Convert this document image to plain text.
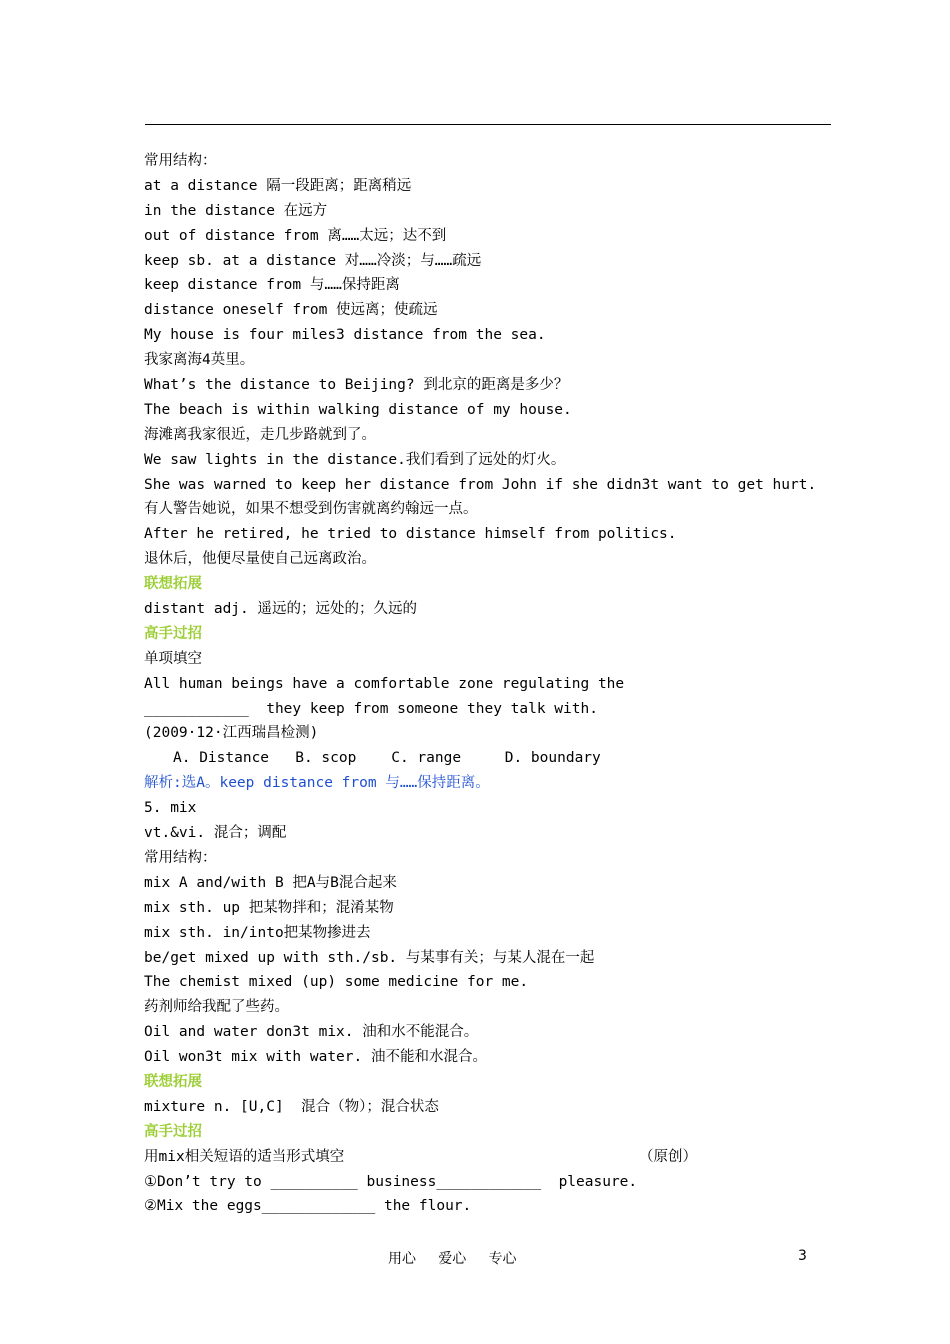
常用结构：
at a distance 隔一段距离；距离稍远
in the distance 在远方
out of distance from 离……太远；达不到
keep sb. at a distance 对……冷淡；与……疏远
keep distance from 与……保持距离
distance oneself from 使远离；使疏远
My house is four miles3 distance from the sea.
我家离海4英里。
What’s the distance to Beijing? 到北京的距离是多少？
The beach is within walking distance of my house.
海滩离我家很近，走几步路就到了。
We saw lights in the distance.我们看到了远处的灯火。
She was warned to keep her distance from John if she didn3t want to get hurt.
有人警告她说，如果不想受到伤害就离约翰远一点。
After he retired, he tried to distance himself from politics.
退休后，他便尽量使自己远离政治。
联想拓展
distant adj. 遥远的；远处的；久远的
高手过招
单项填空
All human beings have a comfortable zone regulating the
____________  they keep from someone they talk with.
(2009·12·江西瑞昌检测)
A. Distance   B. scop    C. range     D. boundary
解析:选A。keep distance from 与……保持距离。
5. mix
vt.&vi. 混合；调配
常用结构：
mix A and/with B 把A与B混合起来
mix sth. up 把某物拌和；混淆某物
mix sth. in/into把某物掺进去
be/get mixed up with sth./sb. 与某事有关；与某人混在一起
The chemist mixed (up) some medicine for me.
药剂师给我配了些药。
Oil and water don3t mix. 油和水不能混合。
Oil won3t mix with water. 油不能和水混合。
联想拓展
mixture n. [U,C]  混合（物）；混合状态
高手过招
用mix相关短语的适当形式填空	（原创）
①Don’t try to __________ business____________  pleasure.
②Mix the eggs_____________ the flour.
用心     爱心     专心	3
